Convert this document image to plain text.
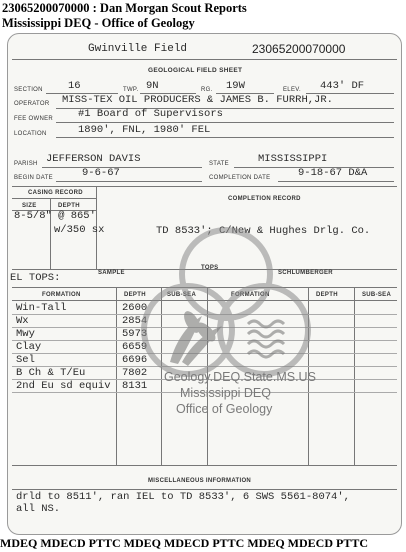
23065200070000 : Dan Morgan Scout Reports
Mississippi DEQ - Office of Geology
Gwinville Field	23065200070000
GEOLOGICAL FIELD SHEET
SECTION 16	TWP. 9N	RG. 19W	ELEV. 443' DF
OPERATOR MISS-TEX OIL PRODUCERS & JAMES B. FURRH,JR.
FEE OWNER #1 Board of Supervisors
LOCATION	1890', FNL, 1980' FEL
PARISH JEFFERSON DAVIS	STATE	MISSISSIPPI
BEGIN DATE	9-6-67	COMPLETION DATE	9-18-67 D&A
CASING RECORD
COMPLETION RECORD
SIZE	DEPTH
8-5/8" @ 865'
w/350 sx	TD 8533'; C/New & Hughes Drlg. Co.
EL TOPS:	SAMPLE
TOPS
SCHLUMBERGER
FORMATION	DEPTH	SUB-SEA	FORMATION	DEPTH	SUB-SEA
Win-Tall	2600
Wx	2854
Mwy	5973
Clay	6659
Sel	6696
B Ch & T/Eu	7802
2nd Eu sd equiv 8131
MISCELLANEOUS INFORMATION
drld to 8511', ran IEL to TD 8533', 6 SWS 5561-8074',
all NS.
Geology.DEQ.State.MS.US
Mississippi DEQ
Office of Geology
MDEQ MDECD PTTC MDEQ MDECD PTTC MDEQ MDECD PTTC
